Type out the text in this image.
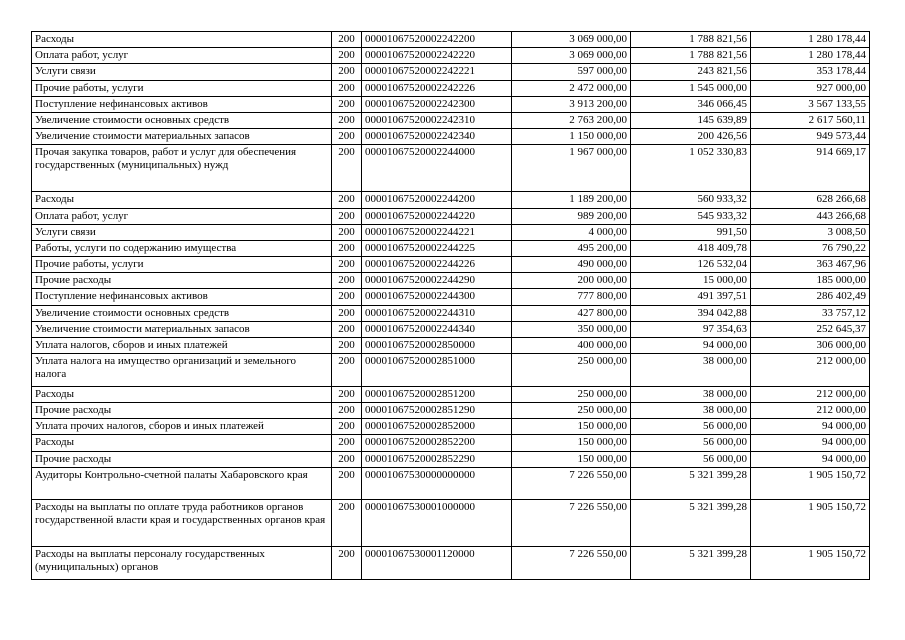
Расходы	200	00001067520002242200	3 069 000,00	1 788 821,56	1 280 178,44
Оплата работ, услуг	200	00001067520002242220	3 069 000,00	1 788 821,56	1 280 178,44
Услуги связи	200	00001067520002242221	597 000,00	243 821,56	353 178,44
Прочие работы, услуги	200	00001067520002242226	2 472 000,00	1 545 000,00	927 000,00
Поступление нефинансовых активов	200	00001067520002242300	3 913 200,00	346 066,45	3 567 133,55
Увеличение стоимости основных средств	200	00001067520002242310	2 763 200,00	145 639,89	2 617 560,11
Увеличение стоимости материальных запасов	200	00001067520002242340	1 150 000,00	200 426,56	949 573,44
Прочая закупка товаров, работ и услуг для обеспечения государственных (муниципальных) нужд	200	00001067520002244000	1 967 000,00	1 052 330,83	914 669,17
Расходы	200	00001067520002244200	1 189 200,00	560 933,32	628 266,68
Оплата работ, услуг	200	00001067520002244220	989 200,00	545 933,32	443 266,68
Услуги связи	200	00001067520002244221	4 000,00	991,50	3 008,50
Работы, услуги по содержанию имущества	200	00001067520002244225	495 200,00	418 409,78	76 790,22
Прочие работы, услуги	200	00001067520002244226	490 000,00	126 532,04	363 467,96
Прочие расходы	200	00001067520002244290	200 000,00	15 000,00	185 000,00
Поступление нефинансовых активов	200	00001067520002244300	777 800,00	491 397,51	286 402,49
Увеличение стоимости основных средств	200	00001067520002244310	427 800,00	394 042,88	33 757,12
Увеличение стоимости материальных запасов	200	00001067520002244340	350 000,00	97 354,63	252 645,37
Уплата налогов, сборов и иных платежей	200	00001067520002850000	400 000,00	94 000,00	306 000,00
Уплата налога на имущество организаций и земельного налога	200	00001067520002851000	250 000,00	38 000,00	212 000,00
Расходы	200	00001067520002851200	250 000,00	38 000,00	212 000,00
Прочие расходы	200	00001067520002851290	250 000,00	38 000,00	212 000,00
Уплата прочих налогов, сборов и иных платежей	200	00001067520002852000	150 000,00	56 000,00	94 000,00
Расходы	200	00001067520002852200	150 000,00	56 000,00	94 000,00
Прочие расходы	200	00001067520002852290	150 000,00	56 000,00	94 000,00
Аудиторы Контрольно-счетной палаты Хабаровского края	200	00001067530000000000	7 226 550,00	5 321 399,28	1 905 150,72
Расходы на выплаты по оплате труда работников органов государственной власти края и государственных органов края	200	00001067530001000000	7 226 550,00	5 321 399,28	1 905 150,72
Расходы на выплаты персоналу государственных (муниципальных) органов	200	00001067530001120000	7 226 550,00	5 321 399,28	1 905 150,72
